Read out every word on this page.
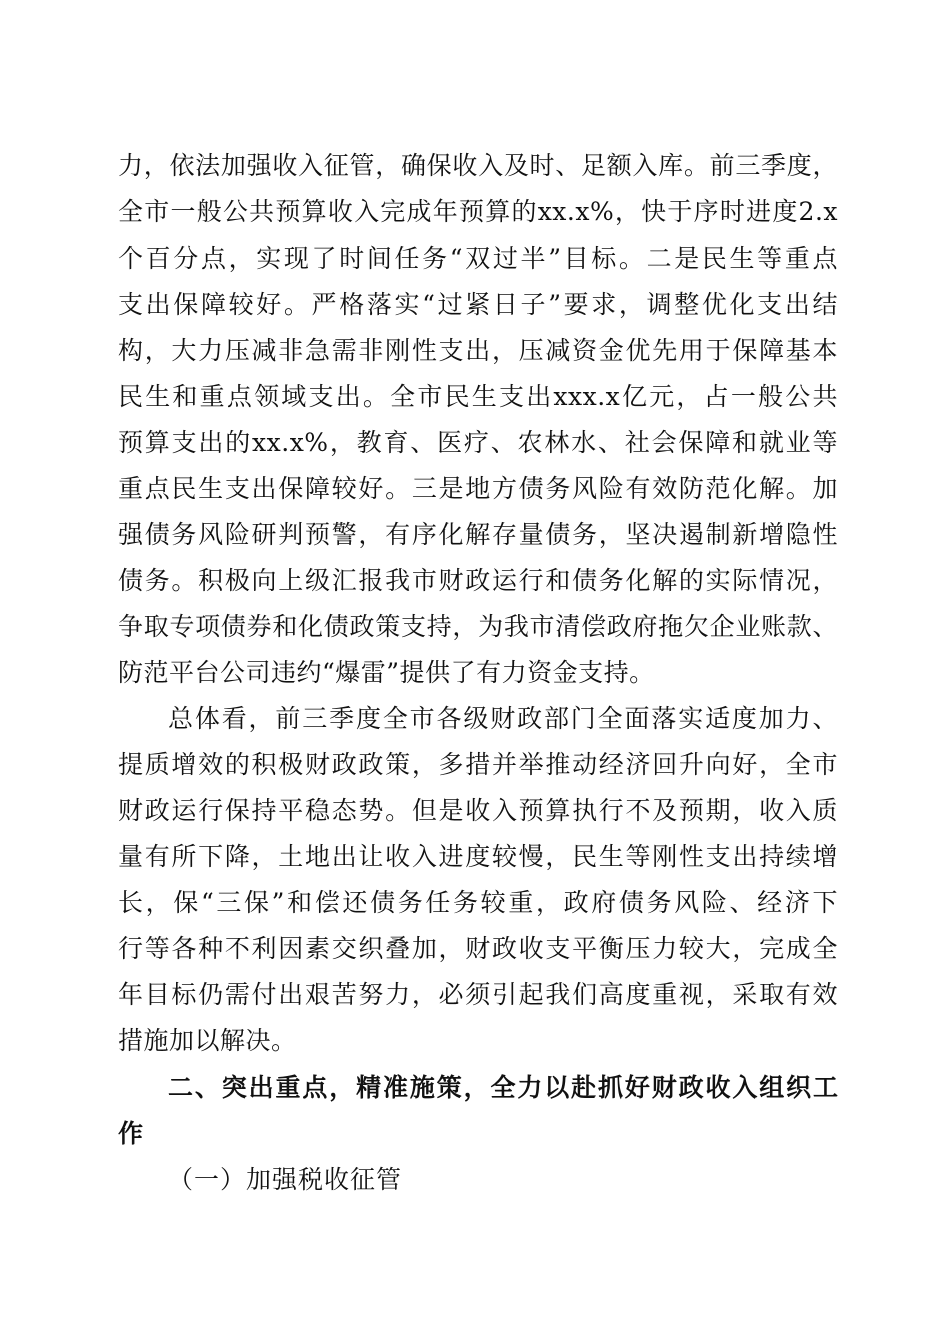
力，依法加强收入征管，确保收入及时、足额入库。前三季度，
全市一般公共预算收入完成年预算的xx.x%，快于序时进度2.x
个百分点，实现了时间任务“双过半”目标。二是民生等重点
支出保障较好。严格落实“过紧日子”要求，调整优化支出结
构，大力压减非急需非刚性支出，压减资金优先用于保障基本
民生和重点领域支出。全市民生支出xxx.x亿元，占一般公共
预算支出的xx.x%，教育、医疗、农林水、社会保障和就业等
重点民生支出保障较好。三是地方债务风险有效防范化解。加
强债务风险研判预警，有序化解存量债务，坚决遏制新增隐性
债务。积极向上级汇报我市财政运行和债务化解的实际情况，
争取专项债券和化债政策支持，为我市清偿政府拖欠企业账款、
防范平台公司违约“爆雷”提供了有力资金支持。
总体看，前三季度全市各级财政部门全面落实适度加力、
提质增效的积极财政政策，多措并举推动经济回升向好，全市
财政运行保持平稳态势。但是收入预算执行不及预期，收入质
量有所下降，土地出让收入进度较慢，民生等刚性支出持续增
长，保“三保”和偿还债务任务较重，政府债务风险、经济下
行等各种不利因素交织叠加，财政收支平衡压力较大，完成全
年目标仍需付出艰苦努力，必须引起我们高度重视，采取有效
措施加以解决。
二、突出重点，精准施策，全力以赴抓好财政收入组织工
作
（一）加强税收征管
